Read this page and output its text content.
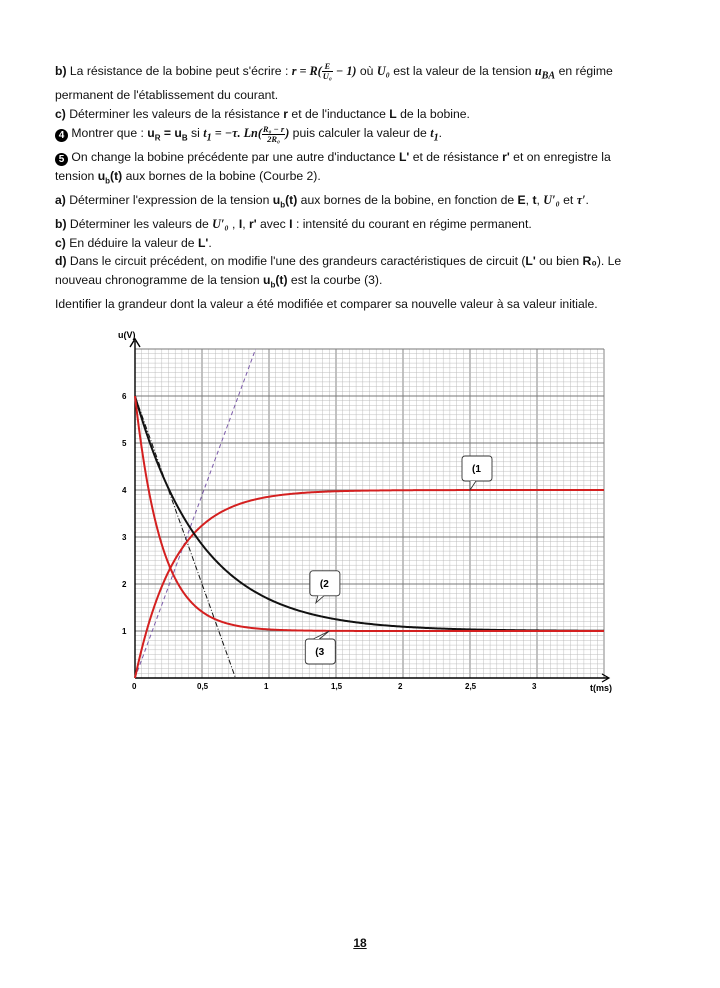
b) La résistance de la bobine peut s'écrire : $r = R( \frac{E}{\text{U₀}} - 1)$ où U₀ est la valeur de la tension $u_{BA}$ en régime

permanent de l'établissement du courant.

c) Déterminer les valeurs de la résistance r et de l'inductance L de la bobine.

4 Montrer que : $u_R = u_B$ si $t_1 = -\tau$. $Ln( \frac{\text{R₀ − r}}{\text{2R₀}}$ ) puis calculer la valeur de $t_1$.

5 On change la bobine précédente par une autre d'inductance L' et de résistance r' et on enregistre la

tension $u_b(t)$ aux bornes de la bobine (Courbe 2).

a) Déterminer l'expression de la tension $u_b(t)$ aux bornes de la bobine, en fonction de E, t, U′₀ et τ′.

b) Déterminer les valeurs de U′₀ , I, r' avec I : intensité du courant en régime permanent.

c) En déduire la valeur de L'.

d) Dans le circuit précédent, on modifie l'une des grandeurs caractéristiques de circuit (L' ou bien R₀). Le

nouveau chronogramme de la tension $u_b(t)$ est la courbe (3).

Identifier la grandeur dont la valeur a été modifiée et comparer sa nouvelle valeur à sa valeur initiale.

u(V)
t(ms)
0	0,5	1	1,5	2	2,5	3
1
2
3
4
5
6
(1
(2
(3
18
